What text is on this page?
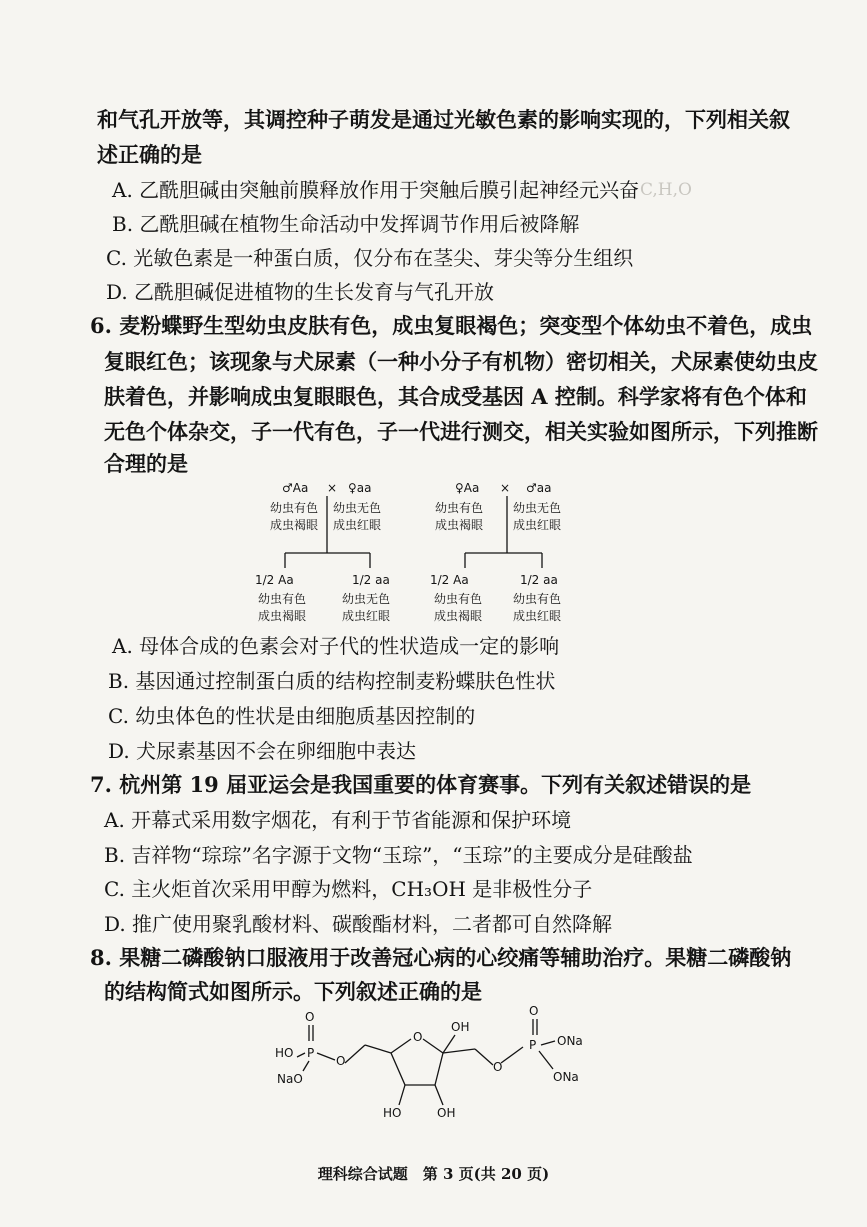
C,H,O
和气孔开放等，其调控种子萌发是通过光敏色素的影响实现的，下列相关叙
述正确的是
A. 乙酰胆碱由突触前膜释放作用于突触后膜引起神经元兴奋
B. 乙酰胆碱在植物生命活动中发挥调节作用后被降解
C. 光敏色素是一种蛋白质，仅分布在茎尖、芽尖等分生组织
D. 乙酰胆碱促进植物的生长发育与气孔开放
6. 麦粉蝶野生型幼虫皮肤有色，成虫复眼褐色；突变型个体幼虫不着色，成虫
复眼红色；该现象与犬尿素（一种小分子有机物）密切相关，犬尿素使幼虫皮
肤着色，并影响成虫复眼眼色，其合成受基因 A 控制。科学家将有色个体和
无色个体杂交，子一代有色，子一代进行测交，相关实验如图所示，下列推断
合理的是
♂Aa × ♀aa
幼虫有色
成虫褐眼
幼虫无色
成虫红眼
1/2 Aa	1/2 aa
幼虫有色
成虫褐眼
幼虫无色
成虫红眼
♀Aa × ♂aa
幼虫有色
成虫褐眼
幼虫无色
成虫红眼
1/2 Aa	1/2 aa
幼虫有色
成虫褐眼
幼虫有色
成虫红眼
A. 母体合成的色素会对子代的性状造成一定的影响
B. 基因通过控制蛋白质的结构控制麦粉蝶肤色性状
C. 幼虫体色的性状是由细胞质基因控制的
D. 犬尿素基因不会在卵细胞中表达
7. 杭州第 19 届亚运会是我国重要的体育赛事。下列有关叙述错误的是
A. 开幕式采用数字烟花，有利于节省能源和保护环境
B. 吉祥物“琮琮”名字源于文物“玉琮”，“玉琮”的主要成分是硅酸盐
C. 主火炬首次采用甲醇为燃料，CH₃OH 是非极性分子
D. 推广使用聚乳酸材料、碳酸酯材料，二者都可自然降解
8. 果糖二磷酸钠口服液用于改善冠心病的心绞痛等辅助治疗。果糖二磷酸钠
的结构简式如图所示。下列叙述正确的是
O
HO P
NaO
O
O
OH
O
P
O
ONa
ONa
HO	OH
理科综合试题　第 3 页(共 20 页)
